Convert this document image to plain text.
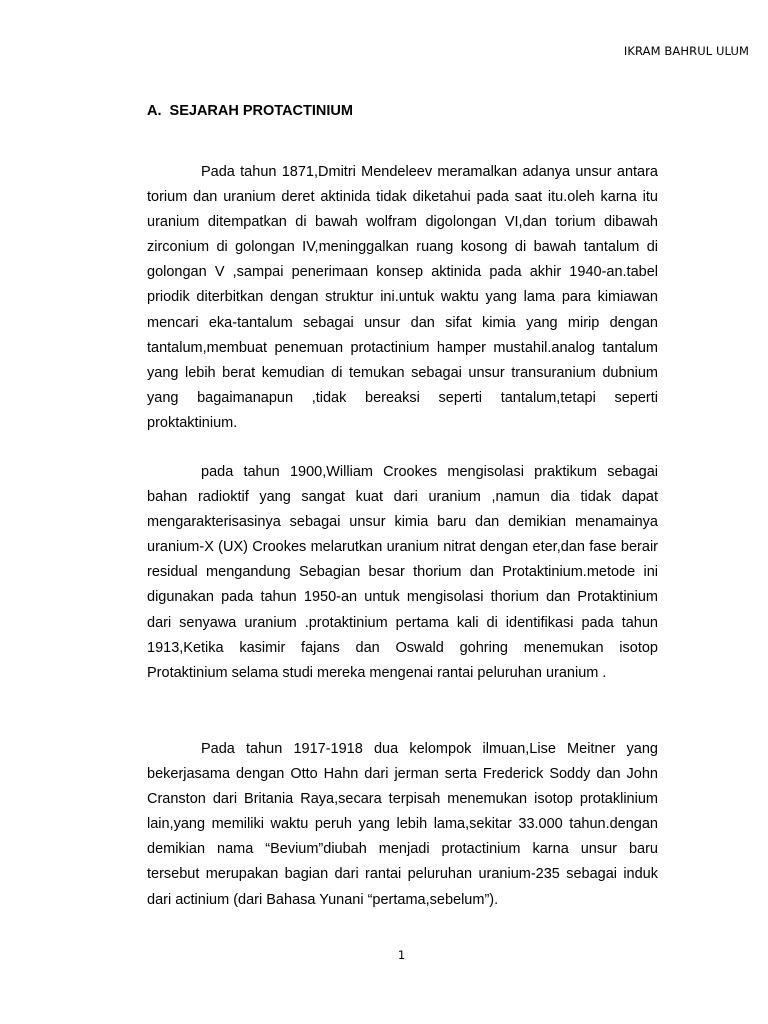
IKRAM BAHRUL ULUM
A.  SEJARAH PROTACTINIUM

Pada tahun 1871,Dmitri Mendeleev meramalkan adanya unsur antara torium dan uranium deret aktinida tidak diketahui pada saat itu.oleh karna itu uranium ditempatkan di bawah wolfram digolongan VI,dan torium dibawah zirconium di golongan IV,meninggalkan ruang kosong di bawah tantalum di golongan V ,sampai penerimaan konsep aktinida pada akhir 1940-an.tabel priodik diterbitkan dengan struktur ini.untuk waktu yang lama para kimiawan mencari eka-tantalum sebagai unsur dan sifat kimia yang mirip dengan tantalum,membuat penemuan protactinium hamper mustahil.analog tantalum yang lebih berat kemudian di temukan sebagai unsur transuranium dubnium yang bagaimanapun ,tidak bereaksi seperti tantalum,tetapi seperti proktaktinium.

pada tahun 1900,William Crookes mengisolasi praktikum sebagai bahan radioktif yang sangat kuat dari uranium ,namun dia tidak dapat mengarakterisasinya sebagai unsur kimia baru dan demikian menamainya uranium-X (UX) Crookes melarutkan uranium nitrat dengan eter,dan fase berair residual mengandung Sebagian besar thorium dan Protaktinium.metode ini digunakan pada tahun 1950-an untuk mengisolasi thorium dan Protaktinium dari senyawa uranium .protaktinium pertama kali di identifikasi pada tahun 1913,Ketika kasimir fajans dan Oswald gohring menemukan isotop Protaktinium selama studi mereka mengenai rantai peluruhan uranium .

Pada tahun 1917-1918 dua kelompok ilmuan,Lise Meitner yang bekerjasama dengan Otto Hahn dari jerman serta Frederick Soddy dan John Cranston dari Britania Raya,secara terpisah menemukan isotop protaklinium lain,yang memiliki waktu peruh yang lebih lama,sekitar 33.000 tahun.dengan demikian nama “Bevium”diubah menjadi protactinium karna unsur baru tersebut merupakan bagian dari rantai peluruhan uranium-235 sebagai induk dari actinium (dari Bahasa Yunani “pertama,sebelum”).

1
